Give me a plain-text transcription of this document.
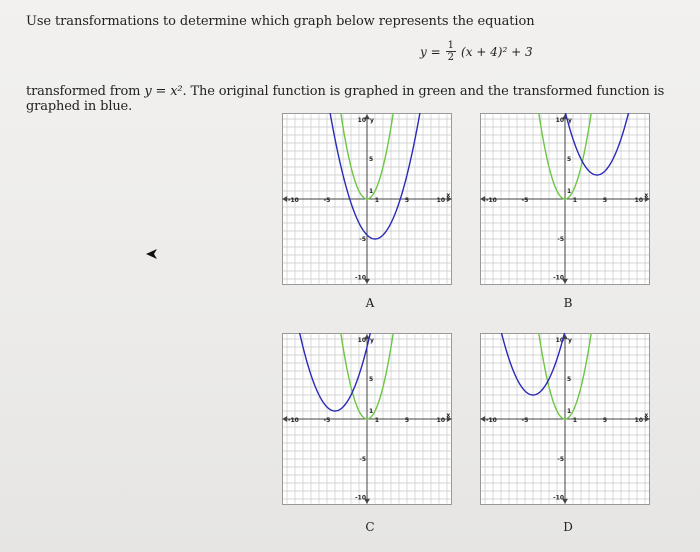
Use transformations to determine which graph below represents the equation
$y = \frac{1}{2} (x + 4)^2 + 3$
transformed from y = x². The original function is graphed in green and the transformed function is graphed in blue.
-10	-5	1	5	10
x
10 y
5
1
-5
-10
A
-10	-5	1	5	10
x
10 y
5
1
-5
-10
B
-10	-5	1	5	10
x
10 y
5
1
-5
-10
C
-10	-5	1	5	10
x
10 y
5
1
-5
-10
D
